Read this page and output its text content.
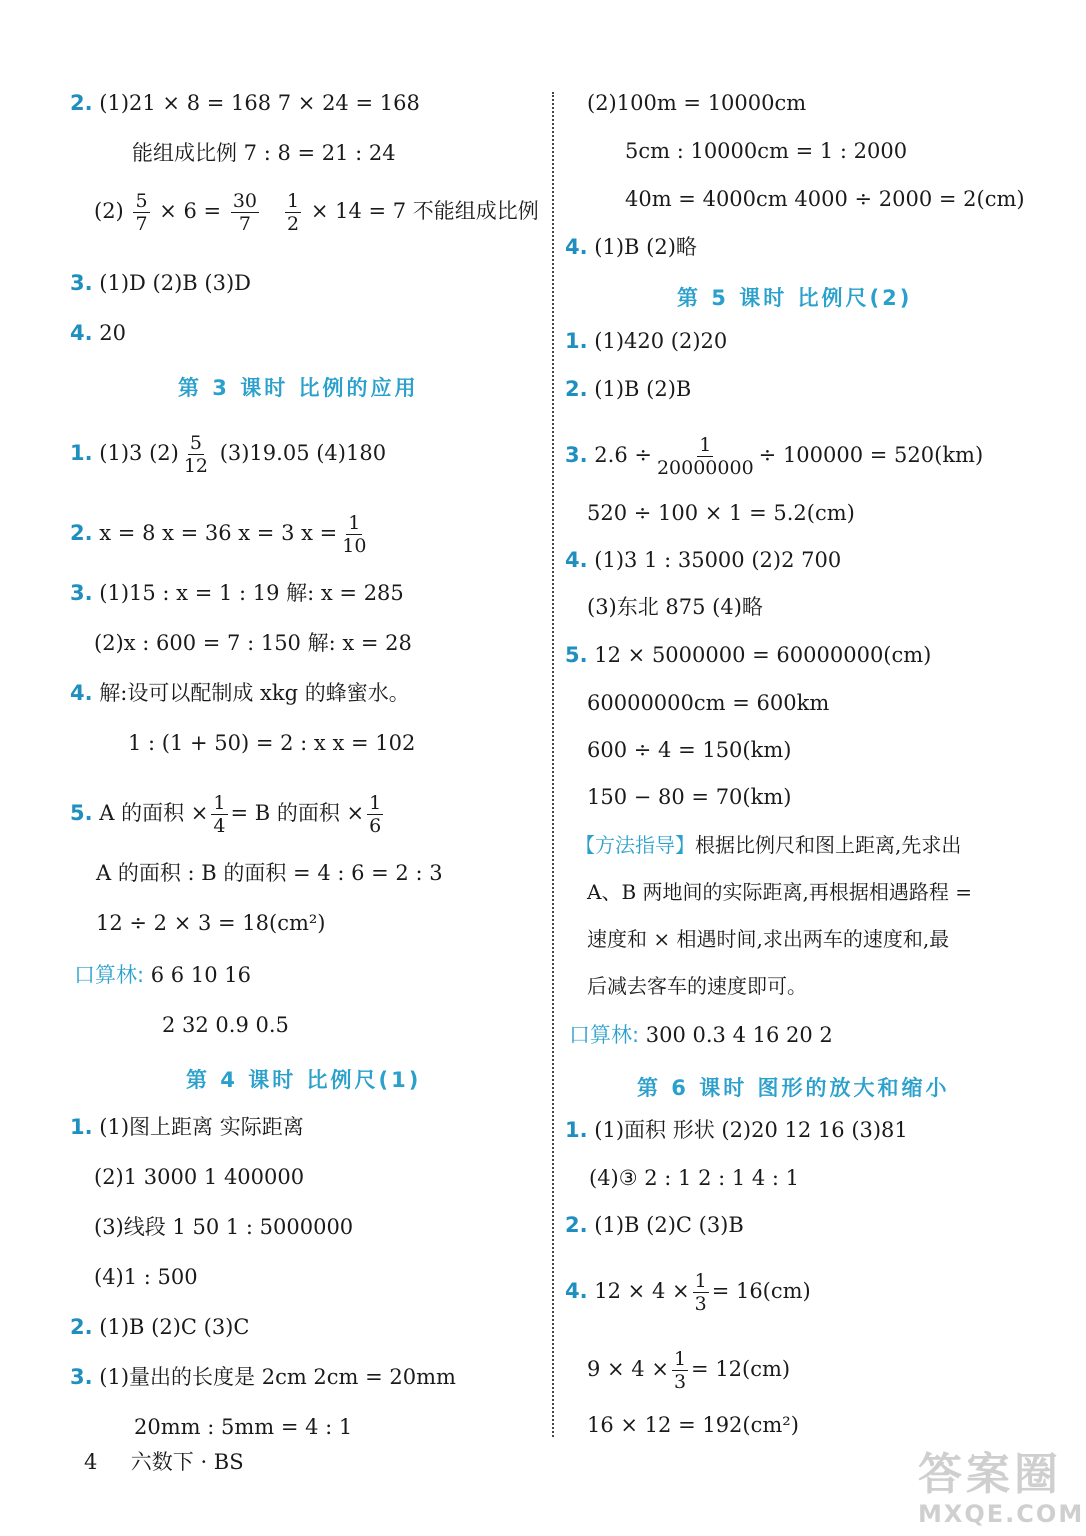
2. (1)21 × 8 = 168 7 × 24 = 168
能组成比例 7 : 8 = 21 : 24
$(2) \frac{5}{7} \times 6 = \frac{30}{7}$
$\frac{1}{2} \times 14 = 7$ 不能组成比例
3. (1)D (2)B (3)D
4. 20
第 3 课时 比例的应用
1. (1)3 $(2) \frac{5}{12} (3)19.05$ (4)180
2. x = 8 x = 36 x = 3 $x = \frac{1}{10}$
3. (1)15 : x = 1 : 19 解: x = 285
(2)x : 600 = 7 : 150 解: x = 28
4. 解:设可以配制成 xkg 的蜂蜜水。
1 : (1 + 50) = 2 : x x = 102
5. A 的面积 × $\frac{1}{4} = B$ 的面积 × $\frac{1}{6}$
A 的面积 : B 的面积 = 4 : 6 = 2 : 3
12 ÷ 2 × 3 = 18(cm²)
口算林: 6 6 10 16
2 32 0.9 0.5
第 4 课时 比例尺(1)
1. (1)图上距离 实际距离
(2)1 3000 1 400000
(3)线段 1 50 1 : 5000000
(4)1 : 500
2. (1)B (2)C (3)C
3. (1)量出的长度是 2cm 2cm = 20mm
20mm : 5mm = 4 : 1
(2)100m = 10000cm
5cm : 10000cm = 1 : 2000
40m = 4000cm 4000 ÷ 2000 = 2(cm)
4. (1)B (2)略
第 5 课时 比例尺(2)
1. (1)420 (2)20
2. (1)B (2)B
3. $2.6 \div \frac{1}{20000000} \div 100000 = 520(km)$
520 ÷ 100 × 1 = 5.2(cm)
4. (1)3 1 : 35000 (2)2 700
(3)东北 875 (4)略
5. 12 × 5000000 = 60000000(cm)
60000000cm = 600km
600 ÷ 4 = 150(km)
150 − 80 = 70(km)
【方法指导】根据比例尺和图上距离,先求出
A、B 两地间的实际距离,再根据相遇路程 =
速度和 × 相遇时间,求出两车的速度和,最
后减去客车的速度即可。
口算林: 300 0.3 4 16 20 2
第 6 课时 图形的放大和缩小
1. (1)面积 形状 (2)20 12 16 (3)81
(4)③ 2 : 1 2 : 1 4 : 1
2. (1)B (2)C (3)B
4. $12 \times 4 \times \frac{1}{3} = 16(cm)$
$9 \times 4 \times \frac{1}{3} = 12(cm)$
16 × 12 = 192(cm²)
4 六数下 · BS	答案圈
MXQE.COM
